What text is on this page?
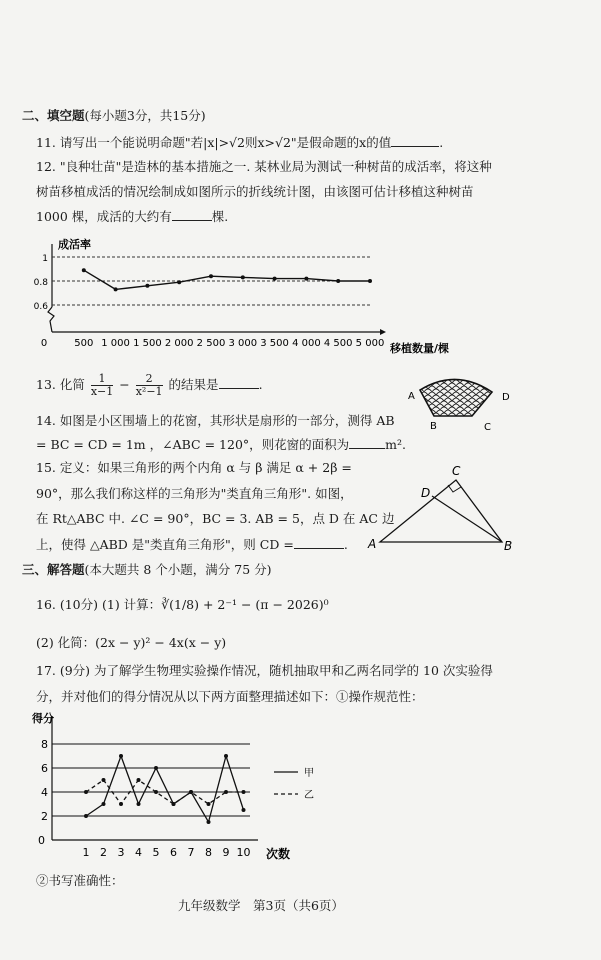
二、填空题(每小题3分，共15分)
11. 请写出一个能说明命题"若|x|>√2则x>√2"是假命题的x的值	.
12. "良种壮苗"是造林的基本措施之一. 某林业局为测试一种树苗的成活率，将这种
树苗移植成活的情况绘制成如图所示的折线统计图，由该图可估计移植这种树苗
1000 棵，成活的大约有	棵.
成活率
1
0.8
0.6
0	500 1 000 1 500 2 000 2 500 3 000 3 500 4 000 4 500 5 000 移植数量/棵
13. 化简 $\frac{1}{x-1} - \frac{2}{\text{x²−1}}$ 的结果是	.
A
B	C
D
14. 如图是小区围墙上的花窗，其形状是扇形的一部分，测得 AB
= BC = CD = 1m ，∠ABC = 120°，则花窗的面积为	m².
15. 定义：如果三角形的两个内角 α 与 β 满足 α + 2β =
90°，那么我们称这样的三角形为"类直角三角形". 如图，
在 Rt△ABC 中. ∠C = 90°，BC = 3. AB = 5，点 D 在 AC 边
上，使得 △ABD 是"类直角三角形"，则 CD =	. A	B
C
D
三、解答题(本大题共 8 个小题，满分 75 分)
16. (10分) (1) 计算：∛(1/8) + 2⁻¹ − (π − 2026)⁰
(2) 化简：(2x − y)² − 4x(x − y)
17. (9分) 为了解学生物理实验操作情况，随机抽取甲和乙两名同学的 10 次实验得
分，并对他们的得分情况从以下两方面整理描述如下：①操作规范性：
得分
8
6
4
2
0
1 2 3 4 5 6 7 8 9 10 次数
甲
乙
②书写准确性：
九年级数学　第3页（共6页）
